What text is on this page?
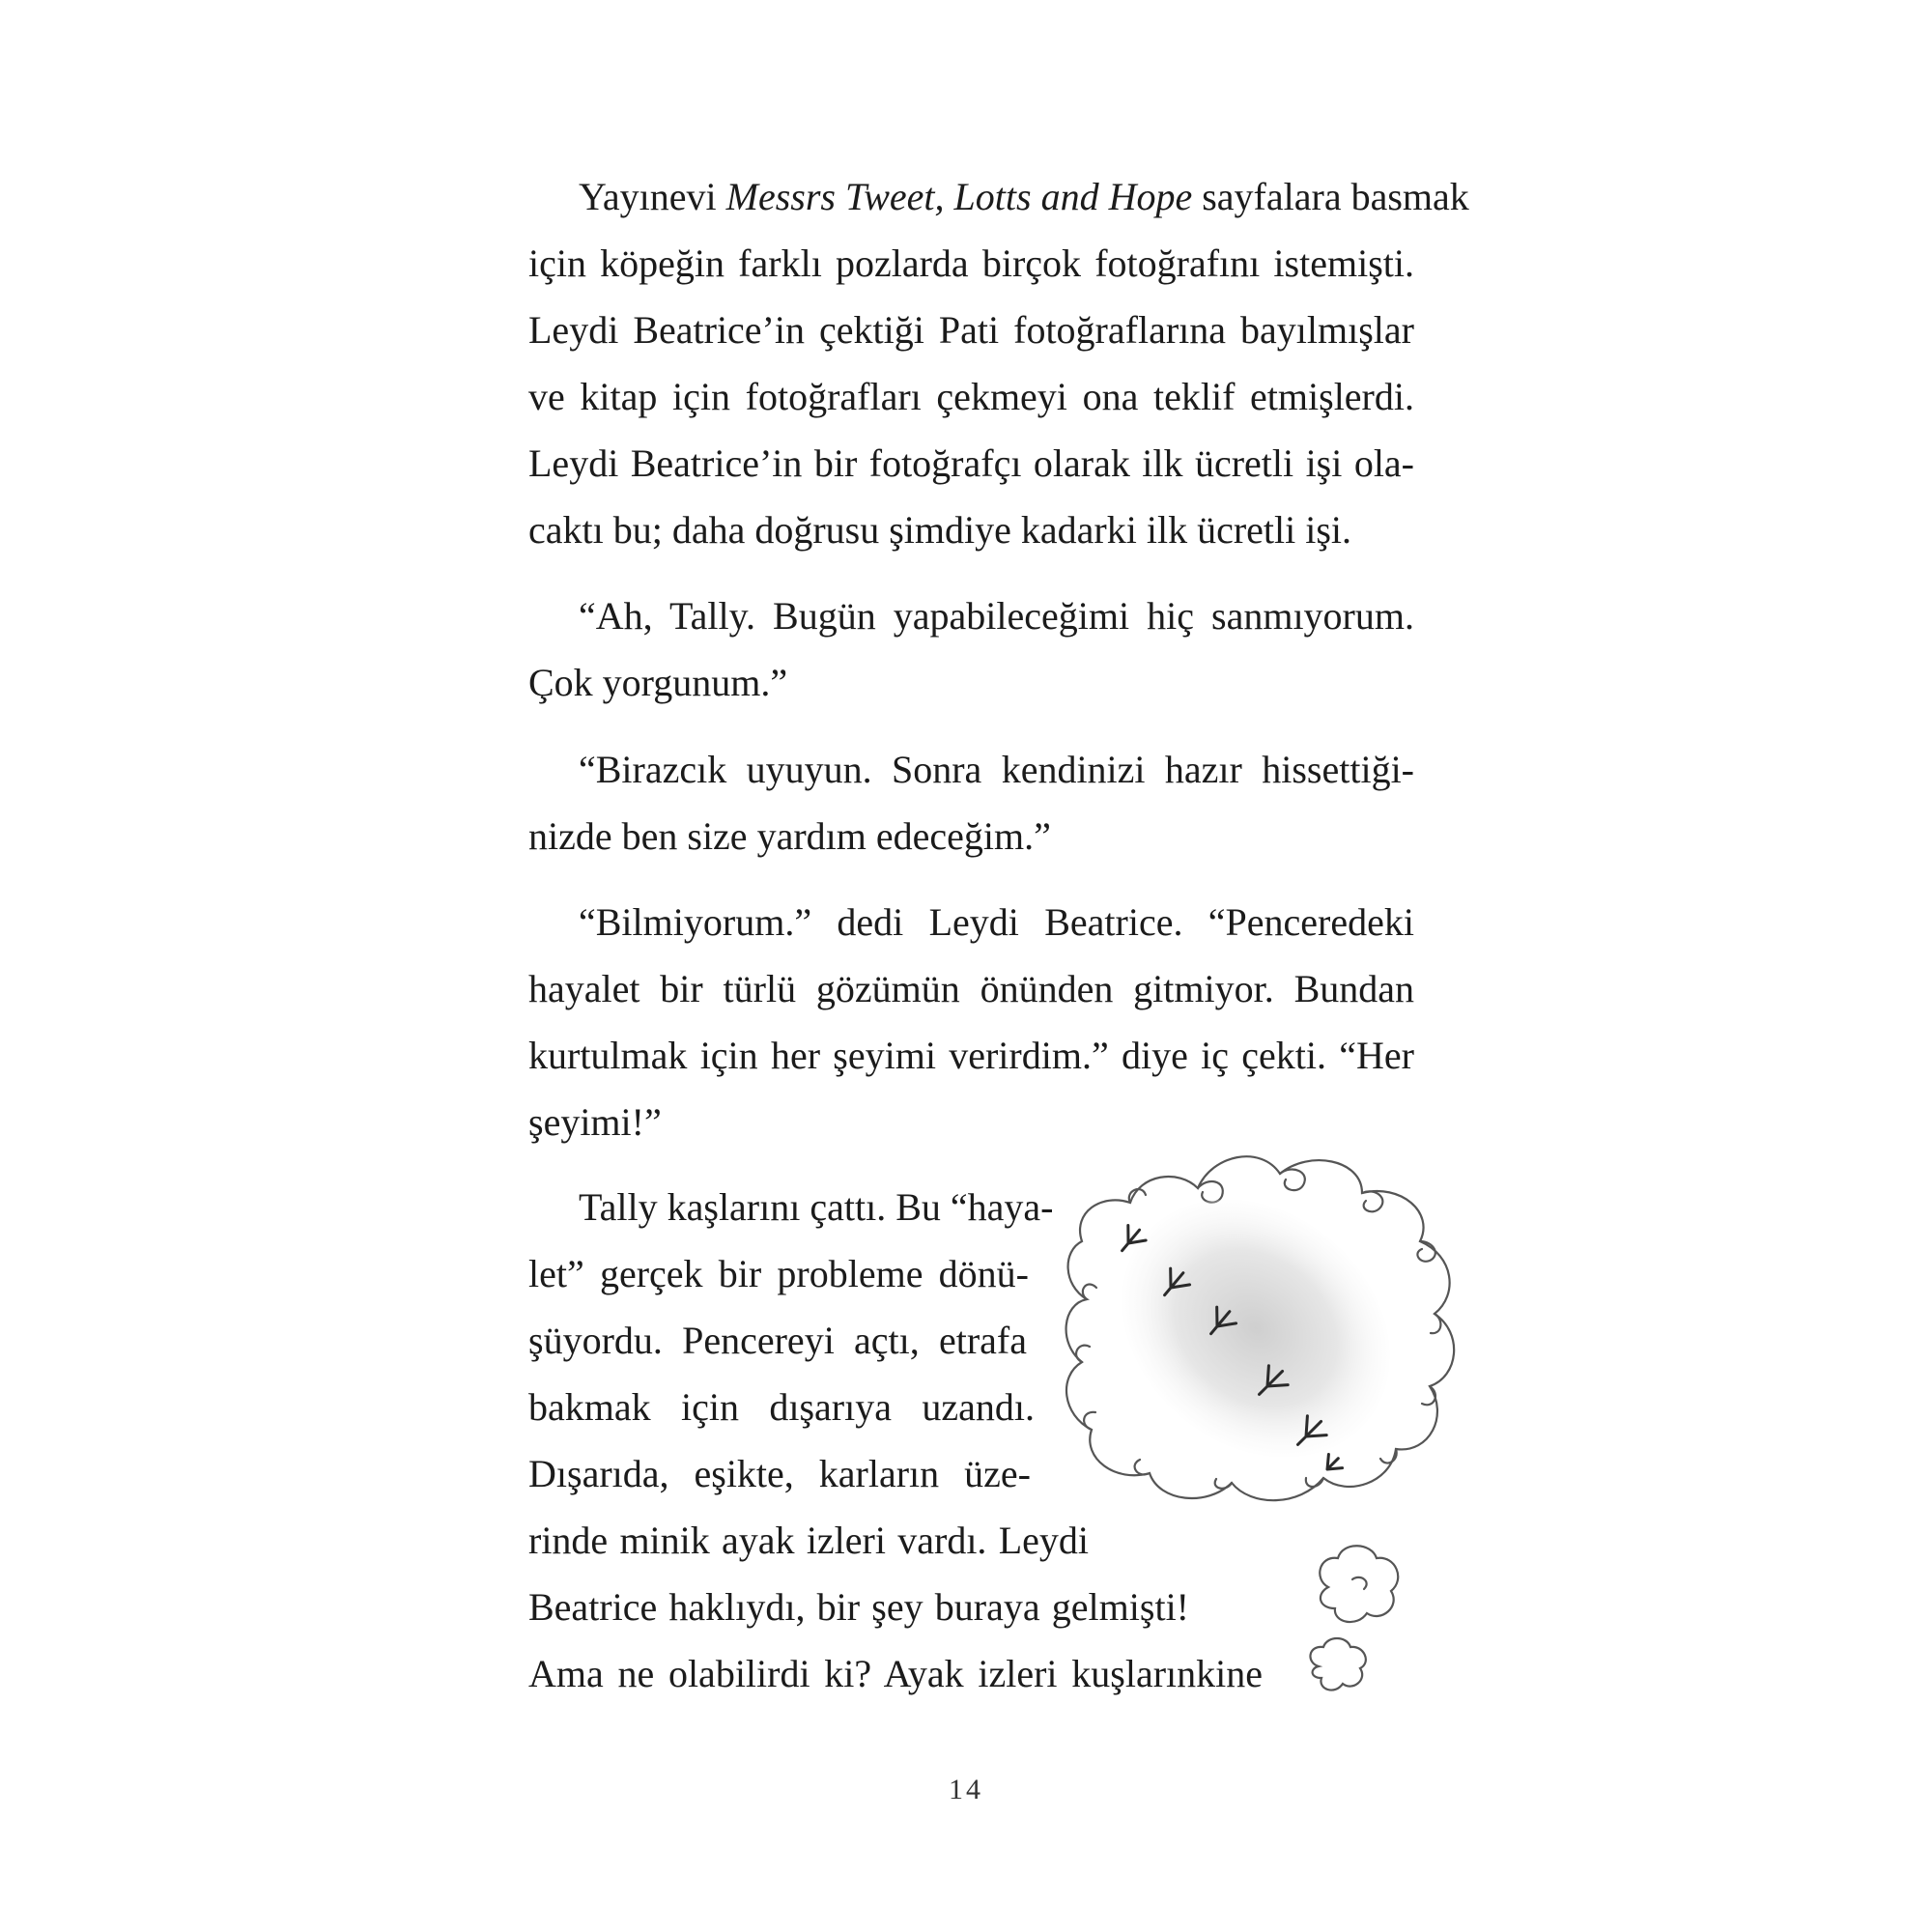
Yayınevi Messrs Tweet, Lotts and Hope sayfalara basmak
için köpeğin farklı pozlarda birçok fotoğrafını istemişti.
Leydi Beatrice’in çektiği Pati fotoğraflarına bayılmışlar
ve kitap için fotoğrafları çekmeyi ona teklif etmişlerdi.
Leydi Beatrice’in bir fotoğrafçı olarak ilk ücretli işi ola-
caktı bu; daha doğrusu şimdiye kadarki ilk ücretli işi.
“Ah, Tally. Bugün yapabileceğimi hiç sanmıyorum.
Çok yorgunum.”
“Birazcık uyuyun. Sonra kendinizi hazır hissettiği-
nizde ben size yardım edeceğim.”
“Bilmiyorum.” dedi Leydi Beatrice. “Penceredeki
hayalet bir türlü gözümün önünden gitmiyor. Bundan
kurtulmak için her şeyimi verirdim.” diye iç çekti. “Her
şeyimi!”
Tally kaşlarını çattı. Bu “haya-
let” gerçek bir probleme dönü-
şüyordu. Pencereyi açtı, etrafa
bakmak için dışarıya uzandı.
Dışarıda, eşikte, karların üze-
rinde minik ayak izleri vardı. Leydi
Beatrice haklıydı, bir şey buraya gelmişti!
Ama ne olabilirdi ki? Ayak izleri kuşlarınkine
14
